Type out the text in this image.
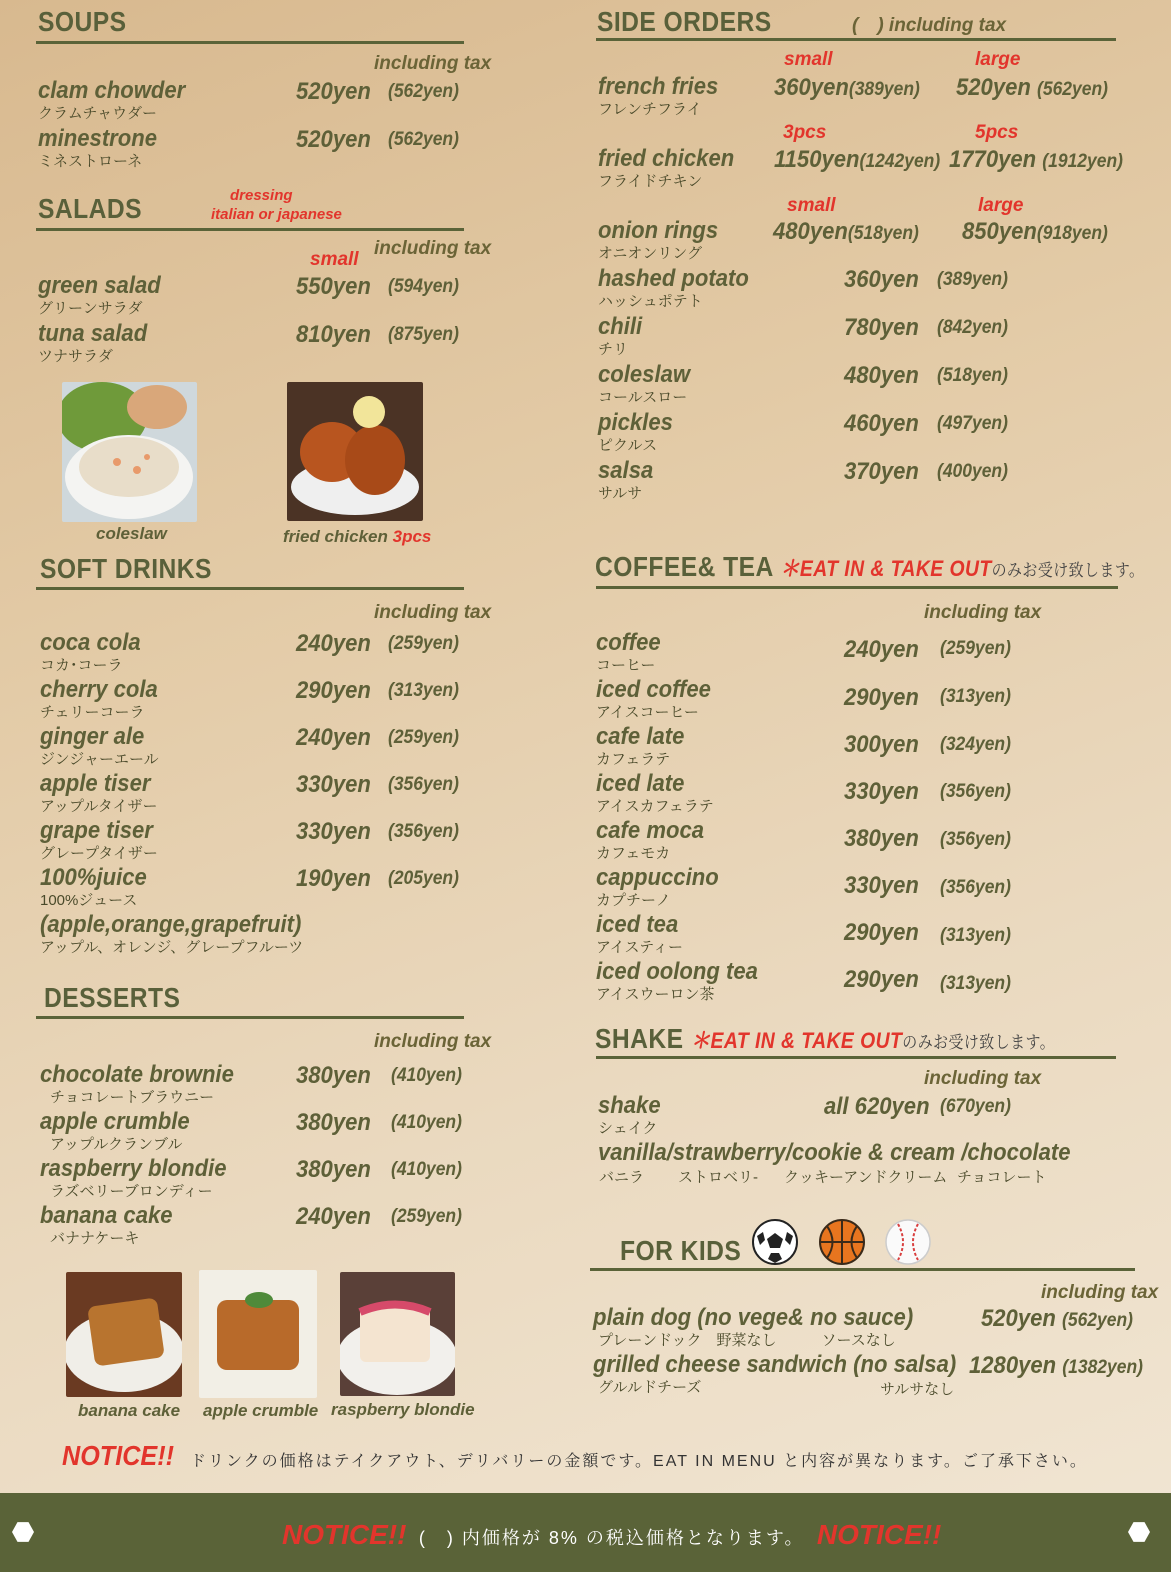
SOUPS
including tax
clam chowder
クラムチャウダー
520yen (562yen)
minestrone
ミネストローネ
520yen (562yen)
SALADS	dressing
italian or japanese
including tax
small
green salad
グリーンサラダ
550yen (594yen)
tuna salad
ツナサラダ
810yen (875yen)
coleslaw	fried chicken 3pcs
SOFT DRINKS
including tax
coca cola
コカ･コーラ
240yen (259yen)
cherry cola
チェリーコーラ
290yen (313yen)
ginger ale
ジンジャーエール
240yen (259yen)
apple tiser
アップルタイザー
330yen (356yen)
grape tiser
グレープタイザー
330yen (356yen)
100%juice
100%ジュース
190yen (205yen)
(apple,orange,grapefruit)
アップル、オレンジ、グレープフルーツ
DESSERTS
including tax
chocolate brownie
チョコレートブラウニー
380yen (410yen)
apple crumble
アップルクランブル
380yen (410yen)
raspberry blondie
ラズベリーブロンディー
380yen (410yen)
banana cake
バナナケーキ
240yen (259yen)
banana cake apple crumble raspberry blondie
SIDE ORDERS	(　) including tax
small	large
french fries
フレンチフライ
360yen(389yen) 520yen (562yen)
3pcs	5pcs
fried chicken
フライドチキン
1150yen(1242yen) 1770yen (1912yen)
small	large
onion rings
オニオンリング
480yen(518yen) 850yen(918yen)
hashed potato
ハッシュポテト
360yen (389yen)
chili
チリ
780yen (842yen)
coleslaw
コールスロー
480yen (518yen)
pickles
ピクルス
460yen (497yen)
salsa
サルサ
370yen (400yen)
COFFEE& TEA ＊EAT IN & TAKE OUTのみお受け致します。
including tax
coffee
コーヒー
240yen (259yen)
iced coffee
アイスコーヒー
290yen (313yen)
cafe late
カフェラテ
300yen (324yen)
iced late
アイスカフェラテ
330yen (356yen)
cafe moca
カフェモカ
380yen (356yen)
cappuccino
カプチーノ
330yen (356yen)
iced tea
アイスティー
290yen (313yen)
iced oolong tea
アイスウーロン茶
290yen (313yen)
SHAKE ＊EAT IN & TAKE OUTのみお受け致します。
including tax
shake
シェイク
all 620yen (670yen)
vanilla/strawberry/cookie & cream /chocolate
バニラ ストロベリ- クッキーアンドクリーム チョコレート
FOR KIDS
including tax
plain dog (no vege& no sauce)
プレーンドック　野菜なし　　　ソースなし
520yen (562yen)
grilled cheese sandwich (no salsa)
グルルドチーズ	サルサなし
1280yen (1382yen)
NOTICE!! ドリンクの価格はテイクアウト、デリバリーの金額です。EAT IN MENU と内容が異なります。ご了承下さい。
NOTICE!! (　) 内価格が 8% の税込価格となります。 NOTICE!!
